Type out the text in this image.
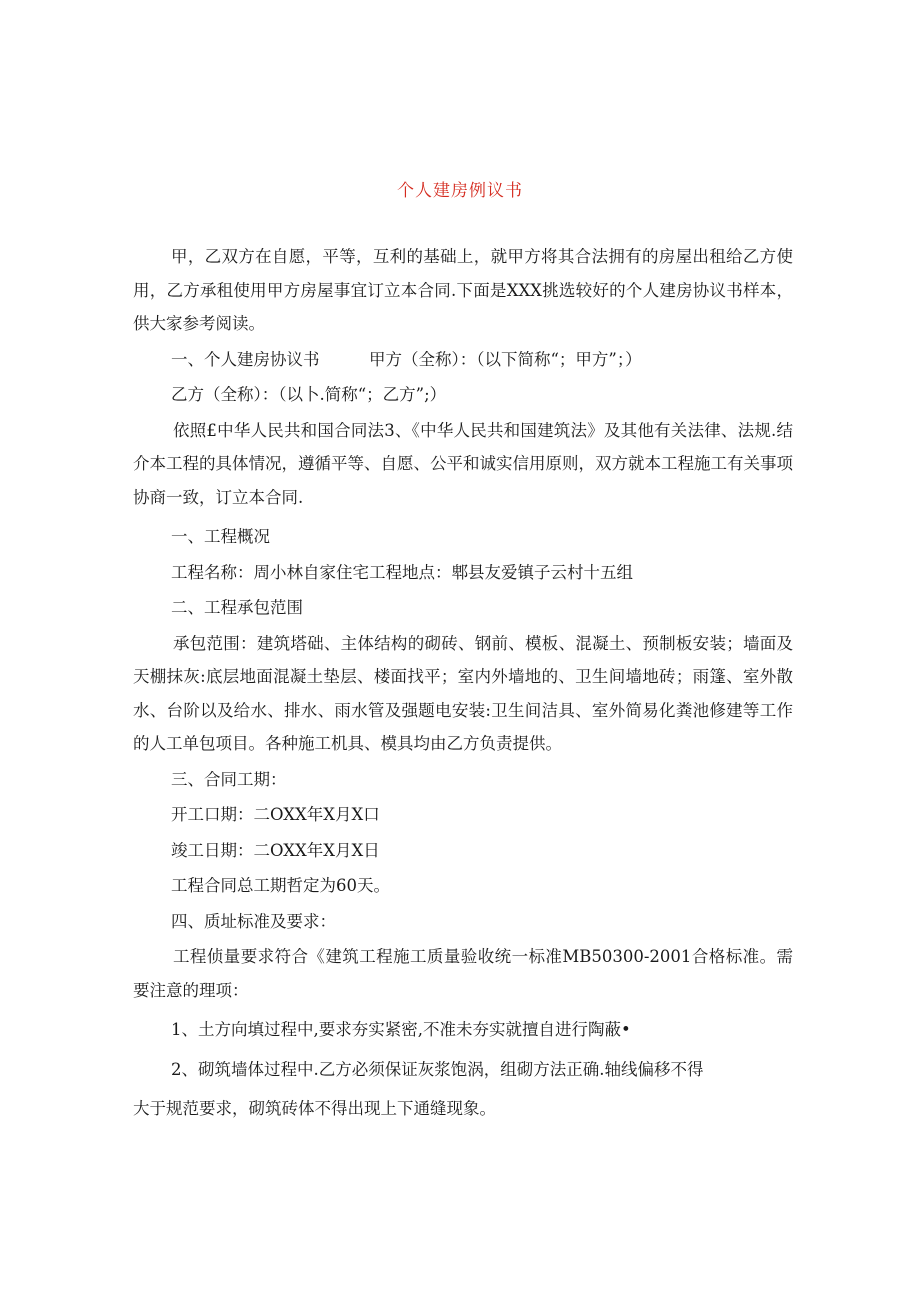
个人建房例议书

甲，乙双方在自愿，平等，互利的基础上，就甲方将其合法拥有的房屋出租给乙方使用，乙方承租使用甲方房屋事宜订立本合同.下面是XXX挑选较好的个人建房协议书样本，供大家参考阅读。

一、个人建房协议书　　　甲方（全称）：（以下简称“；甲方”；）

乙方（全称）：（以卜.简称“；乙方”;）

依照£中华人民共和国合同法3、《中华人民共和国建筑法》及其他有关法律、法规.结介本工程的具体情况，遵循平等、自愿、公平和诚实信用原则，双方就本工程施工有关事项协商一致，订立本合同.

一、工程概况

工程名称：周小林自家住宅工程地点：郫县友爱镇子云村十五组

二、工程承包范围

承包范围：建筑塔础、主体结构的砌砖、钢前、模板、混凝土、预制板安装；墙面及天棚抹灰:底层地面混凝土垫层、楼面找平；室内外墙地的、卫生间墙地砖；雨篷、室外散水、台阶以及给水、排水、雨水管及强题电安装:卫生间洁具、室外简易化粪池修建等工作的人工单包项目。各种施工机具、模具均由乙方负责提供。

三、合同工期：

开工口期：二OXX年X月X口

竣工日期：二OXX年X月X日

工程合同总工期哲定为60天。

四、质址标准及要求：

工程侦量要求符合《建筑工程施工质量验收统一标准MB50300-2001合格标准。需要注意的理项：

1、土方向填过程中,要求夯实紧密,不准未夯实就擅自进行陶蔽•

2、砌筑墙体过程中.乙方必须保证灰浆饱涡，组砌方法正确.轴线偏移不得

大于规范要求，砌筑砖体不得出现上下通缝现象。
